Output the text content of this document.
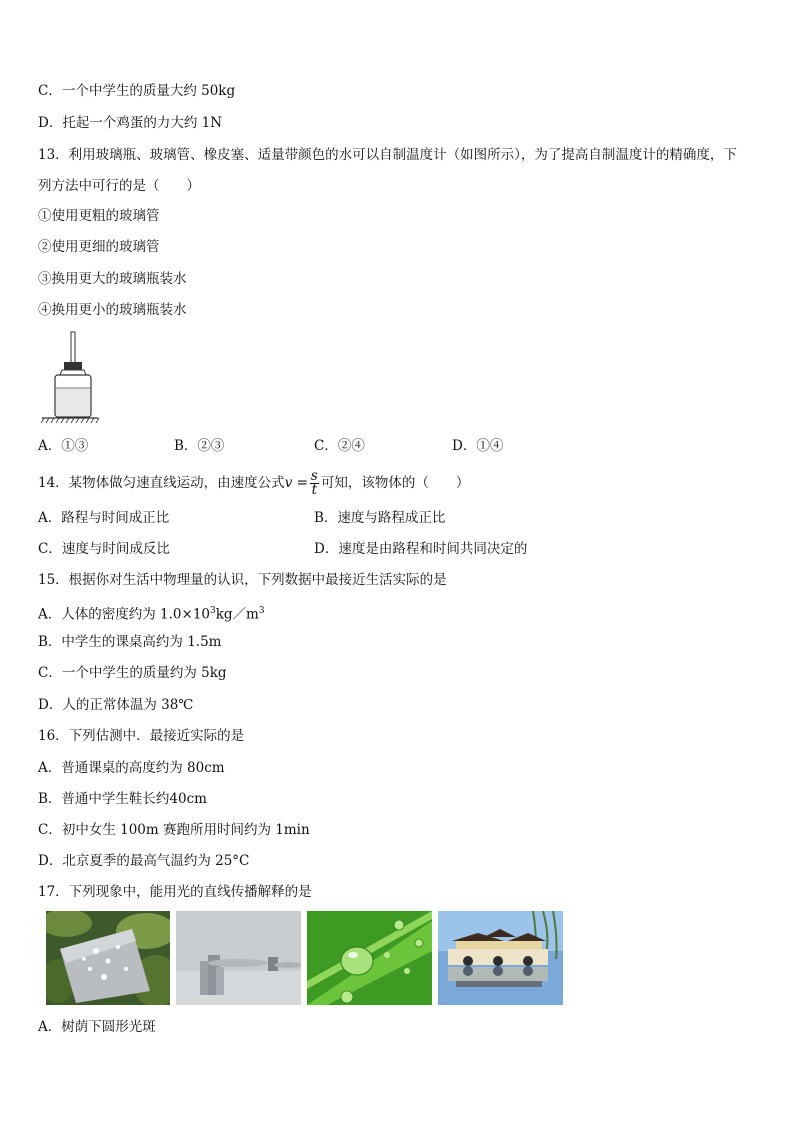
C．一个中学生的质量大约 50kg
D．托起一个鸡蛋的力大约 1N
13．利用玻璃瓶、玻璃管、橡皮塞、适量带颜色的水可以自制温度计（如图所示），为了提高自制温度计的精确度，下
列方法中可行的是（　　）
①使用更粗的玻璃管
②使用更细的玻璃管
③换用更大的玻璃瓶装水
④换用更小的玻璃瓶装水
A．①③	B．②③	C．②④	D．①④
14．某物体做匀速直线运动，由速度公式$v = \frac{s}{t}$ 可知，该物体的（　　）
A．路程与时间成正比	B．速度与路程成正比
C．速度与时间成反比	D．速度是由路程和时间共同决定的
15．根据你对生活中物理量的认识，下列数据中最接近生活实际的是
A．人体的密度约为 $1.0\times 10^3kg/m^3$
B．中学生的课桌高约为 1.5m
C．一个中学生的质量约为 5kg
D．人的正常体温为 38℃
16．下列估测中．最接近实际的是
A．普通课桌的高度约为 80cm
B．普通中学生鞋长约40cm
C．初中女生 100m 赛跑所用时间约为 1min
D．北京夏季的最高气温约为 25°C
17．下列现象中，能用光的直线传播解释的是
A．树荫下圆形光斑
